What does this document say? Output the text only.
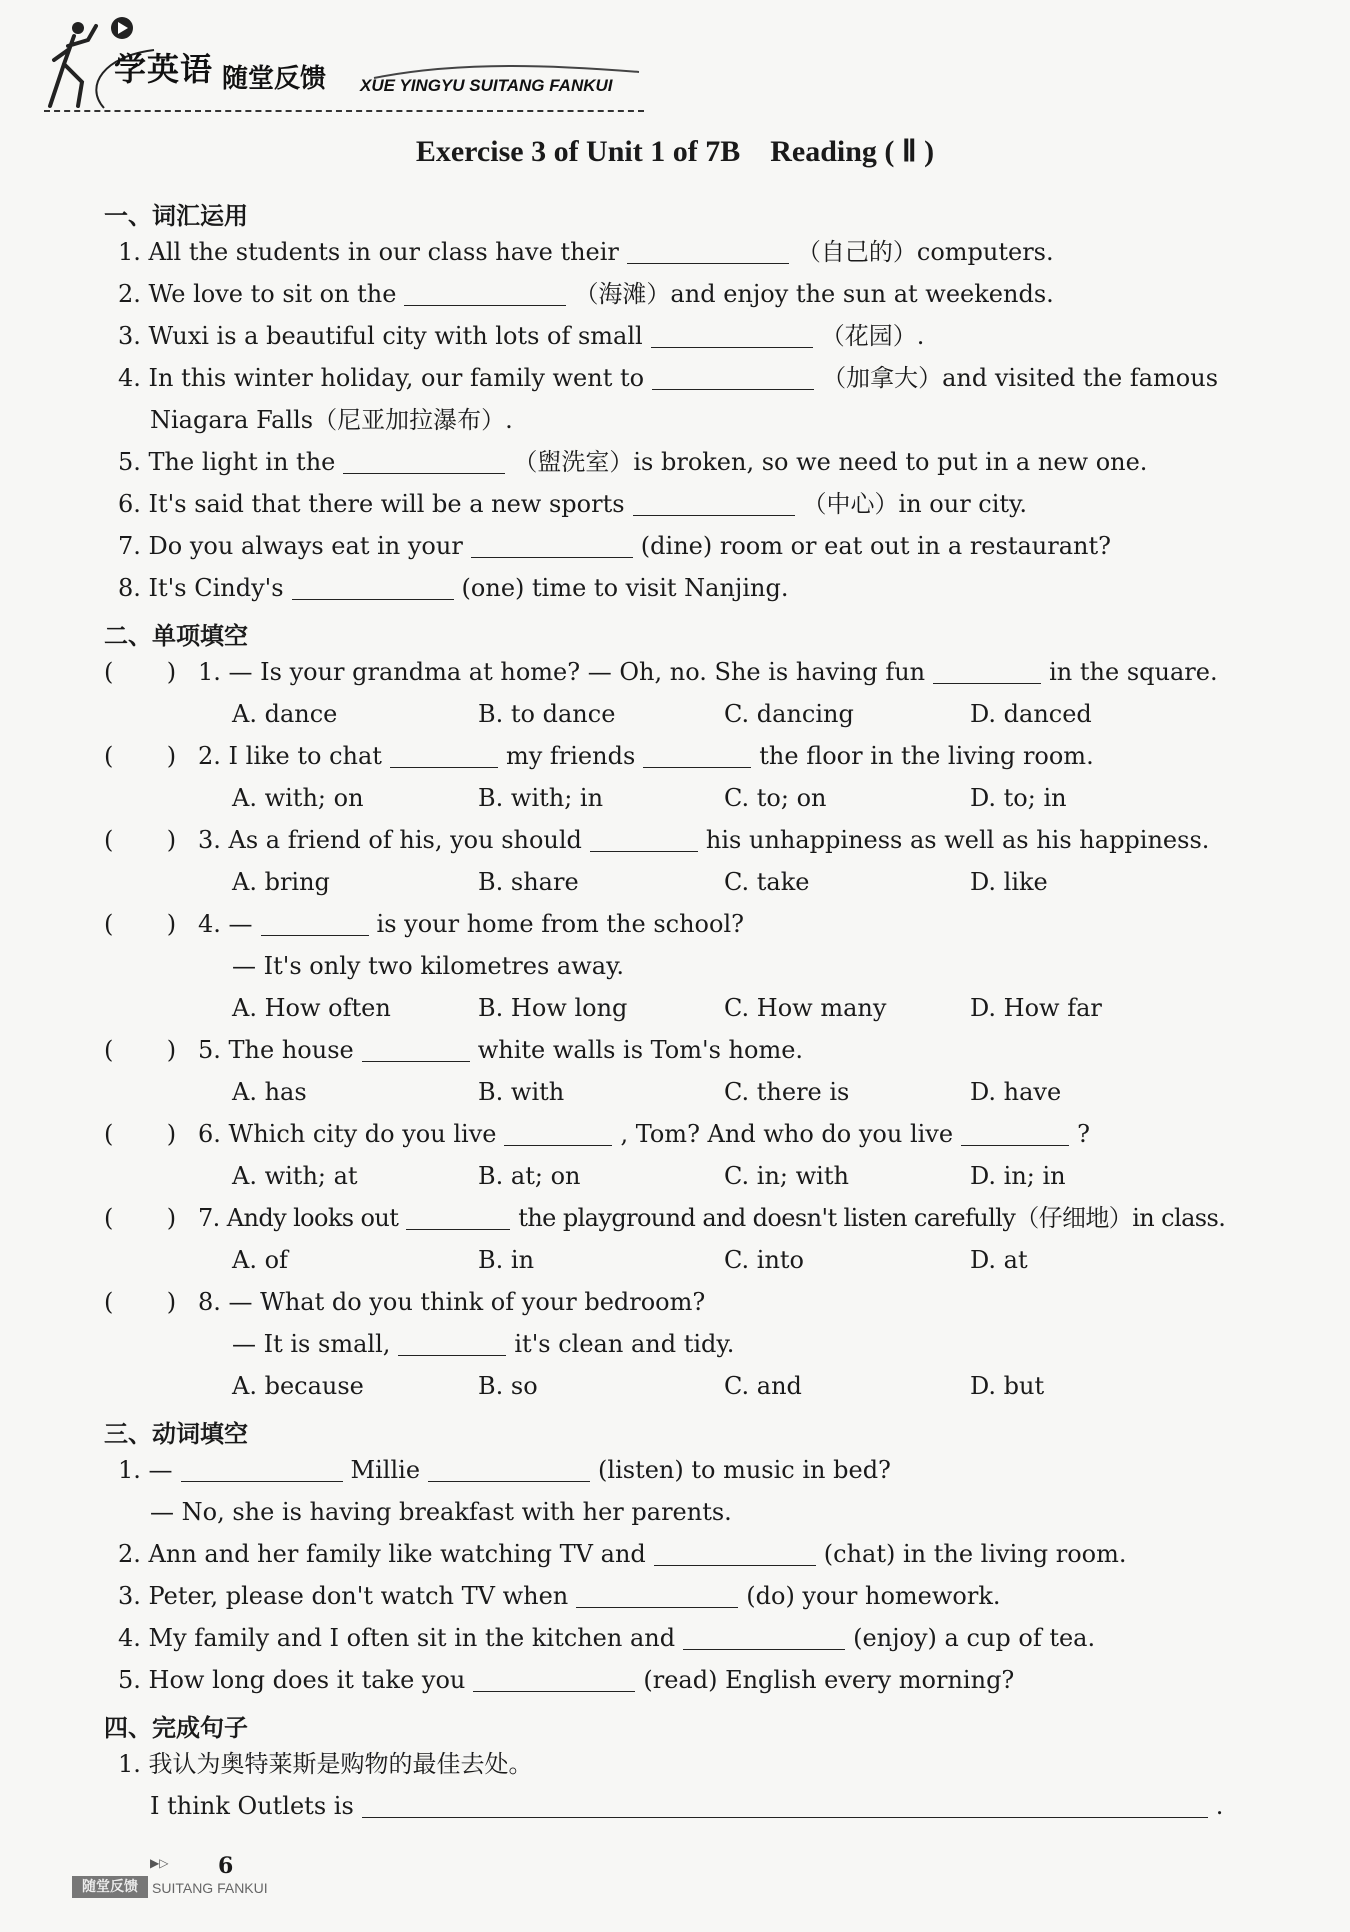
学英语 随堂反馈 XUE YINGYU SUITANG FANKUI
Exercise 3 of Unit 1 of 7B    Reading ( Ⅱ )
一、词汇运用
1. All the students in our class have their	（自己的）computers.
2. We love to sit on the	（海滩）and enjoy the sun at weekends.
3. Wuxi is a beautiful city with lots of small	（花园）.
4. In this winter holiday, our family went to	（加拿大）and visited the famous
Niagara Falls（尼亚加拉瀑布）.
5. The light in the	（盥洗室）is broken, so we need to put in a new one.
6. It's said that there will be a new sports	（中心）in our city.
7. Do you always eat in your	(dine) room or eat out in a restaurant?
8. It's Cindy's	(one) time to visit Nanjing.
二、单项填空
(       ) 1. — Is your grandma at home? — Oh, no. She is having fun	in the square.
A. dance	B. to dance	C. dancing	D. danced
(       ) 2. I like to chat	my friends	the floor in the living room.
A. with; on	B. with; in	C. to; on	D. to; in
(       ) 3. As a friend of his, you should	his unhappiness as well as his happiness.
A. bring	B. share	C. take	D. like
(       ) 4. —	is your home from the school?
— It's only two kilometres away.
A. How often	B. How long	C. How many	D. How far
(       ) 5. The house	white walls is Tom's home.
A. has	B. with	C. there is	D. have
(       ) 6. Which city do you live	, Tom? And who do you live	?
A. with; at	B. at; on	C. in; with	D. in; in
(       ) 7. Andy looks out	the playground and doesn't listen carefully（仔细地）in class.
A. of	B. in	C. into	D. at
(       ) 8. — What do you think of your bedroom?
— It is small,	it's clean and tidy.
A. because	B. so	C. and	D. but
三、动词填空
1. —	Millie	(listen) to music in bed?
— No, she is having breakfast with her parents.
2. Ann and her family like watching TV and	(chat) in the living room.
3. Peter, please don't watch TV when	(do) your homework.
4. My family and I often sit in the kitchen and	(enjoy) a cup of tea.
5. How long does it take you	(read) English every morning?
四、完成句子
1. 我认为奥特莱斯是购物的最佳去处。
I think Outlets is	.
▶▷ 6
随堂反馈	SUITANG FANKUI
